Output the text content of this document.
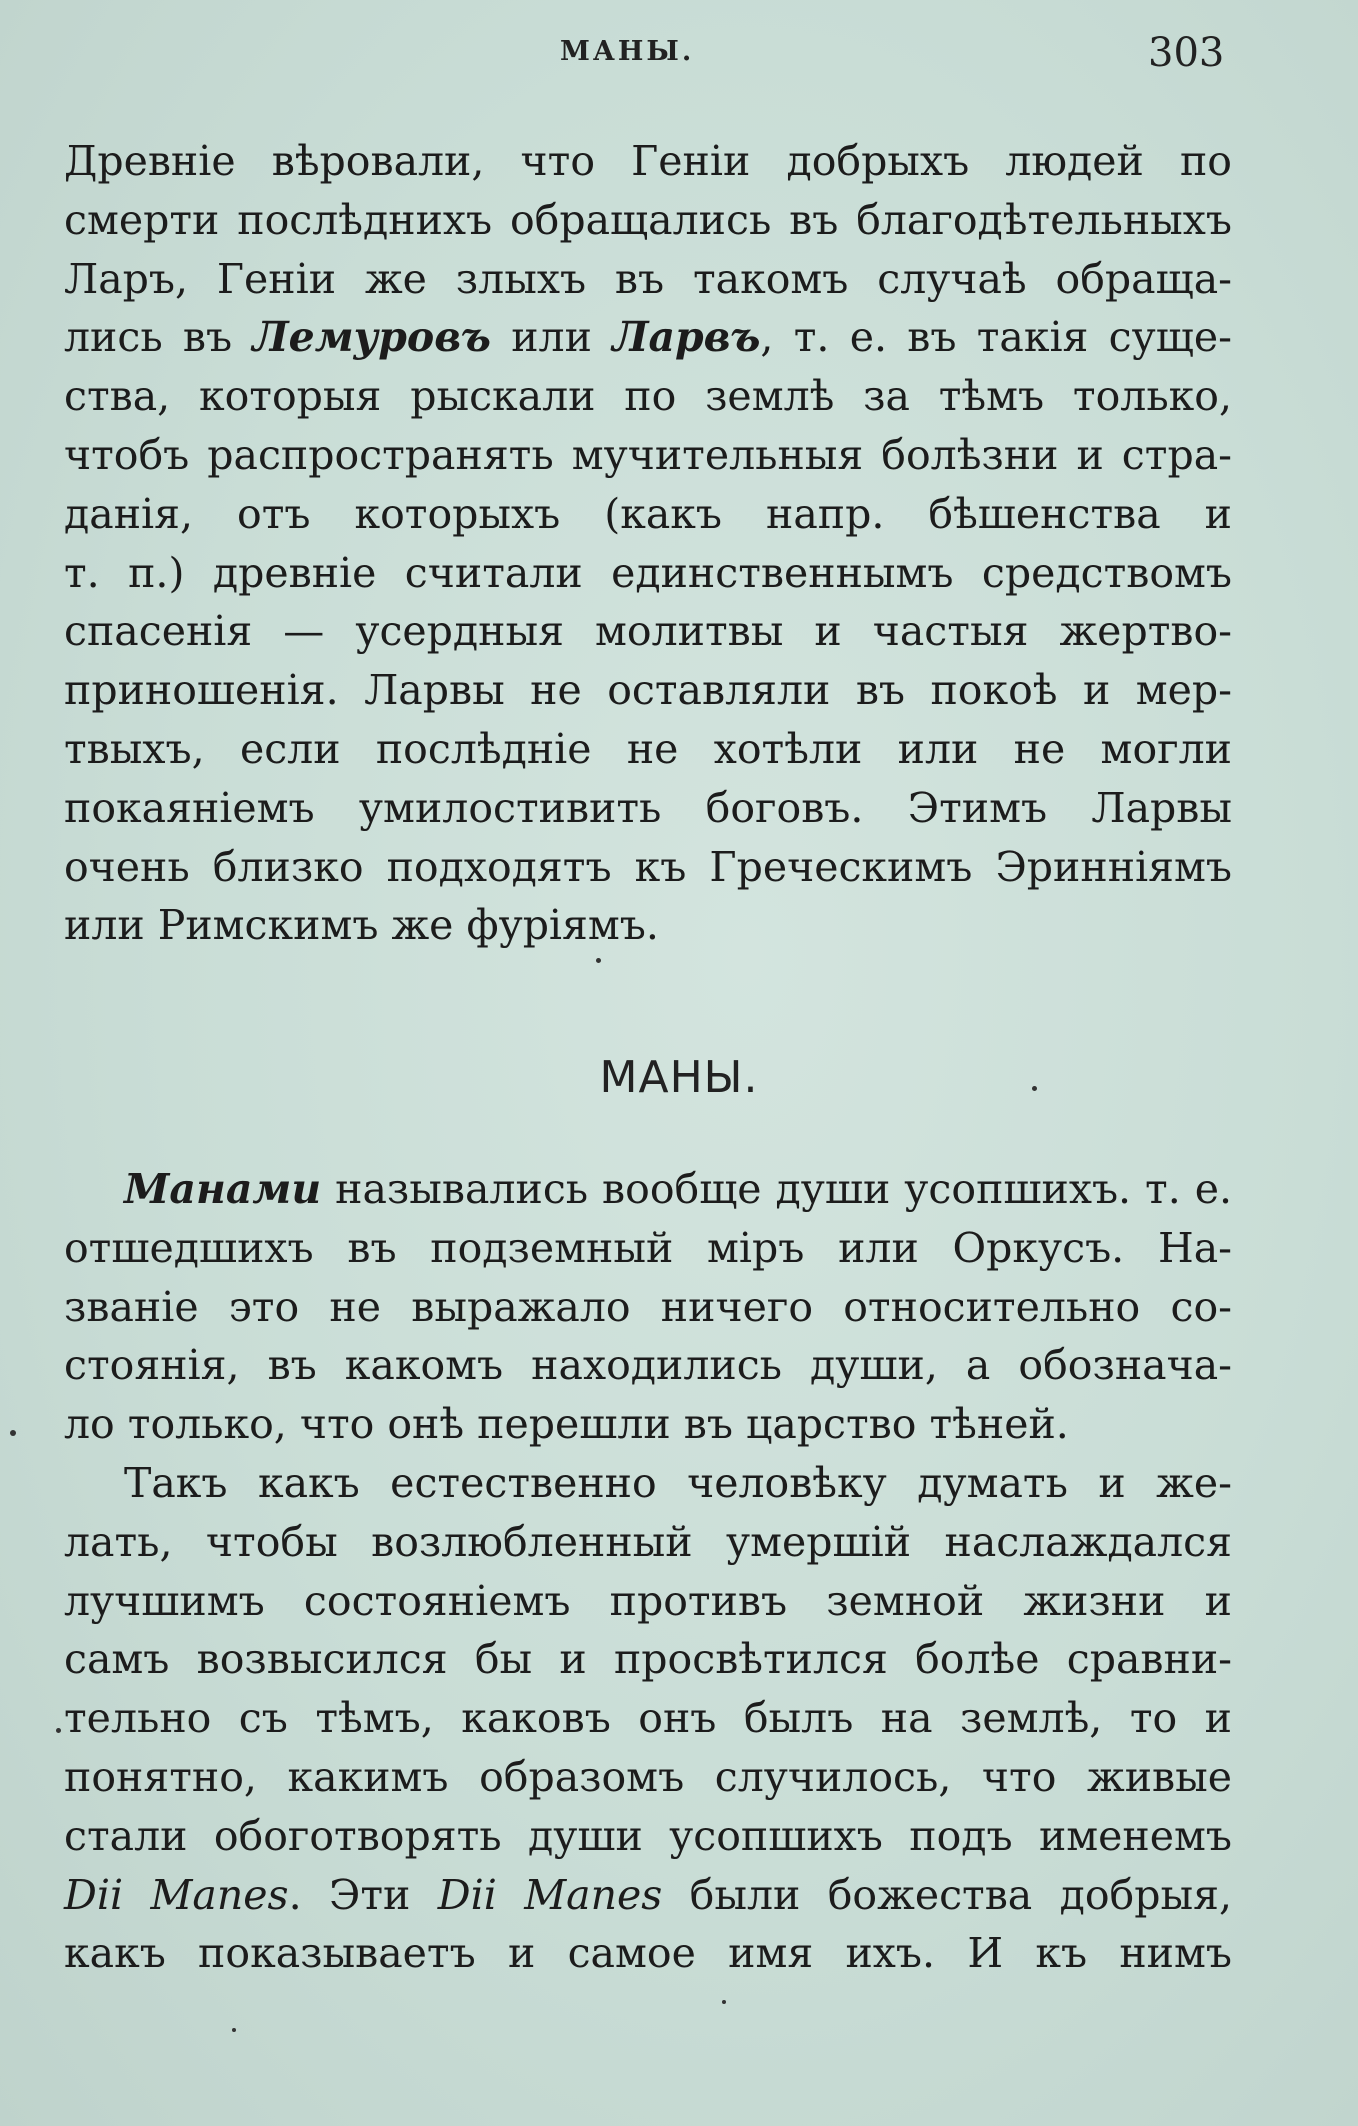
МАНЫ.	303
Древніе вѣровали, что Геніи добрыхъ людей по
смерти послѣднихъ обращались въ благодѣтельныхъ
Ларъ, Геніи же злыхъ въ такомъ случаѣ обраща-
лись въ Лемуровъ или Ларвъ, т. е. въ такія суще-
ства, которыя рыскали по землѣ за тѣмъ только,
чтобъ распространять мучительныя болѣзни и стра-
данія, отъ которыхъ (какъ напр. бѣшенства и
т. п.) древніе считали единственнымъ средствомъ
спасенія — усердныя молитвы и частыя жертво-
приношенія. Ларвы не оставляли въ покоѣ и мер-
твыхъ, если послѣдніе не хотѣли или не могли
покаяніемъ умилостивить боговъ. Этимъ Ларвы
очень близко подходятъ къ Греческимъ Эринніямъ
или Римскимъ же фуріямъ.
МАНЫ.
Манами назывались вообще души усопшихъ. т. е.
отшедшихъ въ подземный міръ или Оркусъ. На-
званіе это не выражало ничего относительно со-
стоянія, въ какомъ находились души, а обознача-
ло только, что онѣ перешли въ царство тѣней.
Такъ какъ естественно человѣку думать и же-
лать, чтобы возлюбленный умершій наслаждался
лучшимъ состояніемъ противъ земной жизни и
самъ возвысился бы и просвѣтился болѣе сравни-
тельно съ тѣмъ, каковъ онъ былъ на землѣ, то и
понятно, какимъ образомъ случилось, что живые
стали обоготворять души усопшихъ подъ именемъ
Dii Manes. Эти Dii Manes были божества добрыя,
какъ показываетъ и самое имя ихъ. И къ нимъ
